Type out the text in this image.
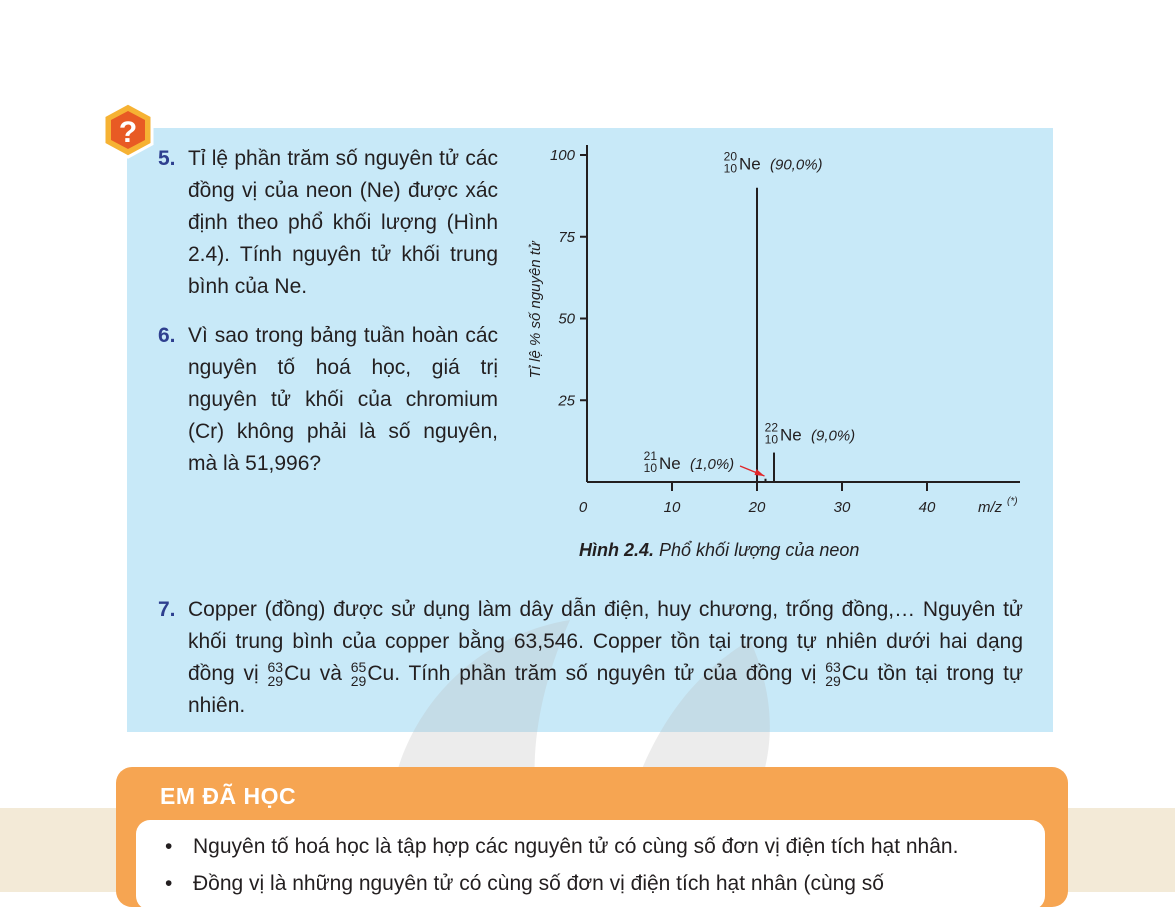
?
5. Tỉ lệ phần trăm số nguyên tử các đồng vị của neon (Ne) được xác định theo phổ khối lượng (Hình 2.4). Tính nguyên tử khối trung bình của Ne.
6. Vì sao trong bảng tuần hoàn các nguyên tố hoá học, giá trị nguyên tử khối của chromium (Cr) không phải là số nguyên, mà là 51,996?
25
50
75
100
0	10	20	30	40
Tỉ lệ % số nguyên tử
m/z (*)
20
10 Ne (90,0%)
21
10 Ne (1,0%)
22
10 Ne (9,0%)
Hình 2.4. Phổ khối lượng của neon
7. Copper (đồng) được sử dụng làm dây dẫn điện, huy chương, trống đồng,… Nguyên tử khối trung bình của copper bằng 63,546. Copper tồn tại trong tự nhiên dưới hai dạng đồng vị 63
29 Cu và 65
29 Cu. Tính phần trăm số nguyên tử của đồng vị 63
29 Cu tồn tại trong tự nhiên.
EM ĐÃ HỌC
• Nguyên tố hoá học là tập hợp các nguyên tử có cùng số đơn vị điện tích hạt nhân.
• Đồng vị là những nguyên tử có cùng số đơn vị điện tích hạt nhân (cùng số
